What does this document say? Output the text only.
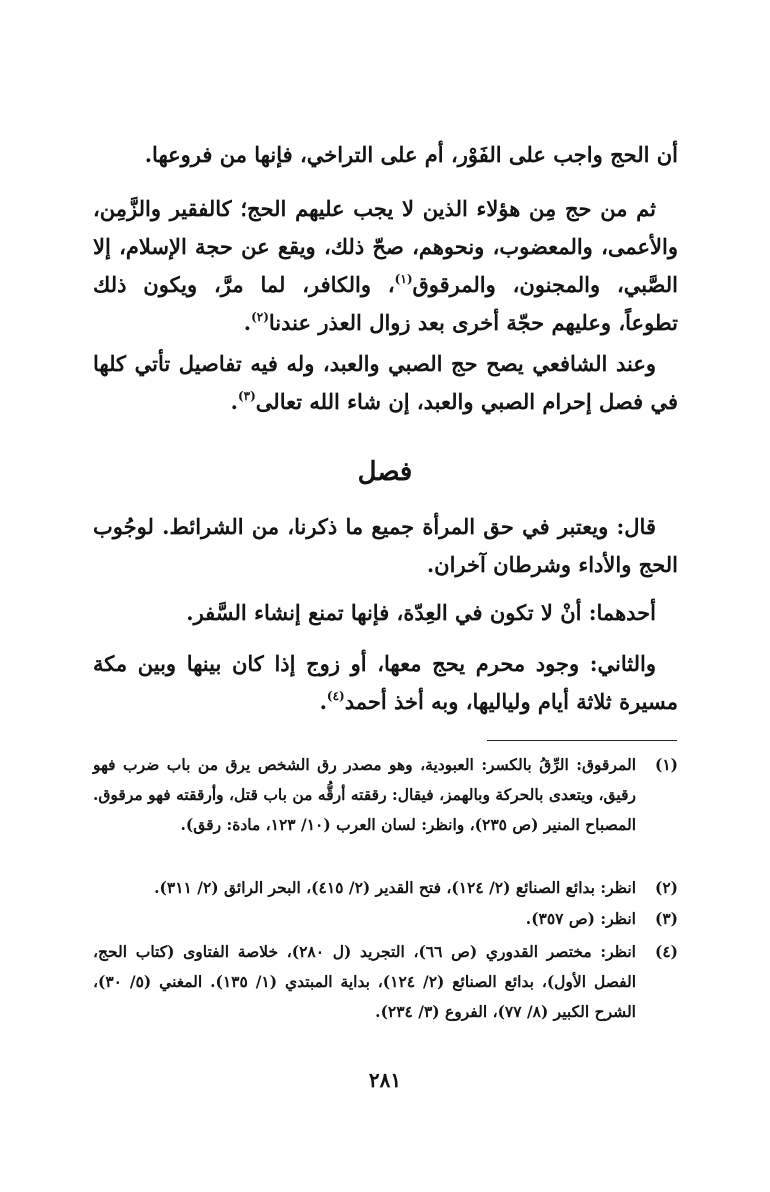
أن الحج واجب على الفَوْر، أم على التراخي، فإنها من فروعها.

ثم من حج مِن هؤلاء الذين لا يجب عليهم الحج؛ كالفقير والزَّمِن، والأعمى، والمعضوب، ونحوهم، صحّ ذلك، ويقع عن حجة الإسلام، إلا الصَّبي، والمجنون، والمرقوق$^{(١)}$، والكافر، لما مرَّ، ويكون ذلك تطوعاً، وعليهم حجّة أخرى بعد زوال العذر عندنا$^{(٢)}$.

وعند الشافعي يصح حج الصبي والعبد، وله فيه تفاصيل تأتي كلها في فصل إحرام الصبي والعبد، إن شاء الله تعالى$^{(٣)}$.

فصل

قال: ويعتبر في حق المرأة جميع ما ذكرنا، من الشرائط. لوجُوب الحج والأداء وشرطان آخران.

أحدهما: أنْ لا تكون في العِدّة، فإنها تمنع إنشاء السَّفر.

والثاني: وجود محرم يحج معها، أو زوج إذا كان بينها وبين مكة مسيرة ثلاثة أيام ولياليها، وبه أخذ أحمد$^{(٤)}$.

(١)
المرقوق: الرِّقُ بالكسر: العبودية، وهو مصدر رق الشخص يرق من باب ضرب فهو رقيق، ويتعدى بالحركة وبالهمز، فيقال: رققته أرقُّه من باب قتل، وأرققته فهو مرقوق. المصباح المنير (ص ٢٣٥)، وانظر: لسان العرب (١٠/ ١٢٣، مادة: رقق).
(٢)
انظر: بدائع الصنائع (٢/ ١٢٤)، فتح القدير (٢/ ٤١٥)، البحر الرائق (٢/ ٣١١).
(٣)
انظر: (ص ٣٥٧).
(٤)
انظر: مختصر القدوري (ص ٦٦)، التجريد (ل ٢٨٠)، خلاصة الفتاوى (كتاب الحج، الفصل الأول)، بدائع الصنائع (٢/ ١٢٤)، بداية المبتدي (١/ ١٣٥). المغني (٥/ ٣٠)، الشرح الكبير (٨/ ٧٧)، الفروع (٣/ ٢٣٤).
٢٨١
